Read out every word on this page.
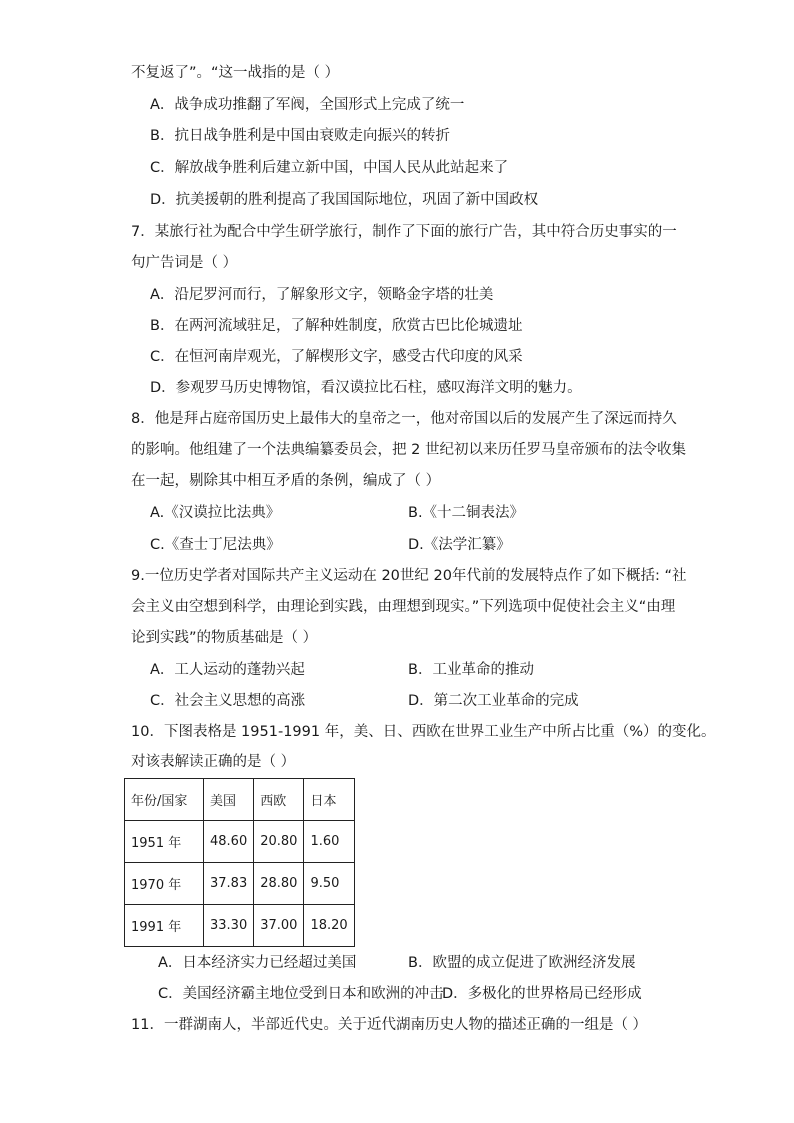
不复返了”。“这一战指的是（ ）
A．战争成功推翻了军阀，全国形式上完成了统一
B．抗日战争胜利是中国由衰败走向振兴的转折
C．解放战争胜利后建立新中国，中国人民从此站起来了
D．抗美援朝的胜利提高了我国国际地位，巩固了新中国政权
7．某旅行社为配合中学生研学旅行，制作了下面的旅行广告，其中符合历史事实的一
句广告词是（ ）
A．沿尼罗河而行，了解象形文字，领略金字塔的壮美
B．在两河流域驻足，了解种姓制度，欣赏古巴比伦城遗址
C．在恒河南岸观光，了解楔形文字，感受古代印度的风采
D．参观罗马历史博物馆，看汉谟拉比石柱，感叹海洋文明的魅力。
8．他是拜占庭帝国历史上最伟大的皇帝之一，他对帝国以后的发展产生了深远而持久
的影响。他组建了一个法典编纂委员会，把 2 世纪初以来历任罗马皇帝颁布的法令收集
在一起，剔除其中相互矛盾的条例，编成了（ ）
A.《汉谟拉比法典》	B.《十二铜表法》
C.《查士丁尼法典》	D.《法学汇纂》
9.一位历史学者对国际共产主义运动在 20世纪 20年代前的发展特点作了如下概括: “社
会主义由空想到科学，由理论到实践，由理想到现实。”下列选项中促使社会主义“由理
论到实践”的物质基础是（ ）
A．工人运动的蓬勃兴起	B．工业革命的推动
C．社会主义思想的高涨	D．第二次工业革命的完成
10．下图表格是 1951-1991 年，美、日、西欧在世界工业生产中所占比重（%）的变化。
对该表解读正确的是（ ）
年份/国家	美国	西欧	日本
1951 年	48.60	20.80	1.60
1970 年	37.83	28.80	9.50
1991 年	33.30	37.00	18.20
A．日本经济实力已经超过美国	B．欧盟的成立促进了欧洲经济发展
C．美国经济霸主地位受到日本和欧洲的冲击
D．多极化的世界格局已经形成
11．一群湖南人，半部近代史。关于近代湖南历史人物的描述正确的一组是（ ）
